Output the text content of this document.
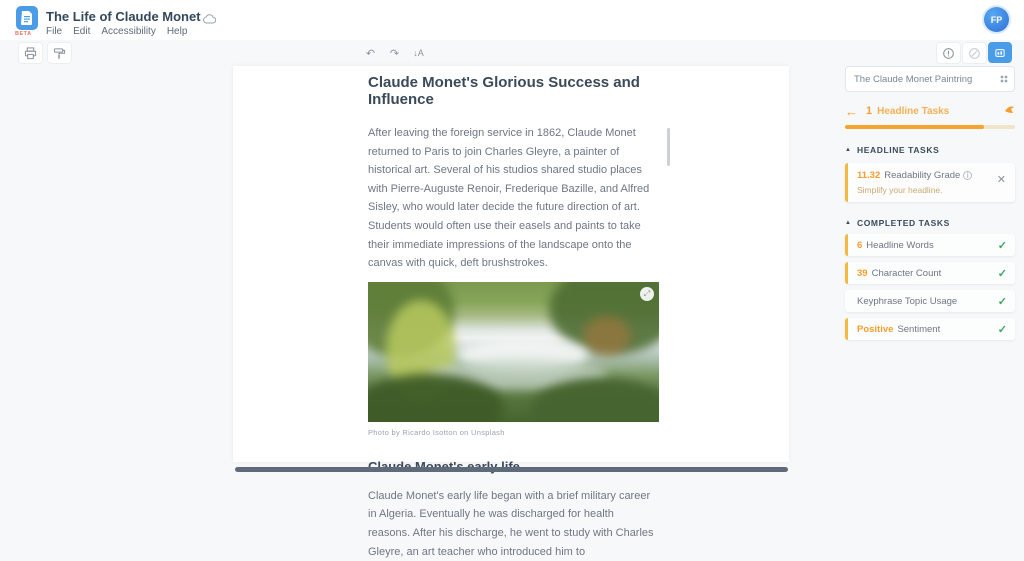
BETA
The Life of Claude Monet
File Edit Accessibility Help
FP
↶ ↷ ↓A
Claude Monet's Glorious Success and Influence
After leaving the foreign service in 1862, Claude Monet returned to Paris to join Charles Gleyre, a painter of historical art. Several of his studios shared studio places with Pierre-Auguste Renoir, Frederique Bazille, and Alfred Sisley, who would later decide the future direction of art. Students would often use their easels and paints to take their immediate impressions of the landscape onto the canvas with quick, deft brushstrokes.
⤢
Photo by Ricardo Isotton on Unsplash
Claude Monet's early life began with a brief military career in Algeria. Eventually he was discharged for health reasons. After his discharge, he went to study with Charles Gleyre, an art teacher who introduced him to
The Claude Monet Paintring
← 1 Headline Tasks
▲ HEADLINE TASKS
11.32 Readability Grade i
Simplify your headline.
✕
▲ COMPLETED TASKS
6 Headline Words	✓
39 Character Count	✓
Keyphrase Topic Usage	✓
Positive Sentiment	✓
